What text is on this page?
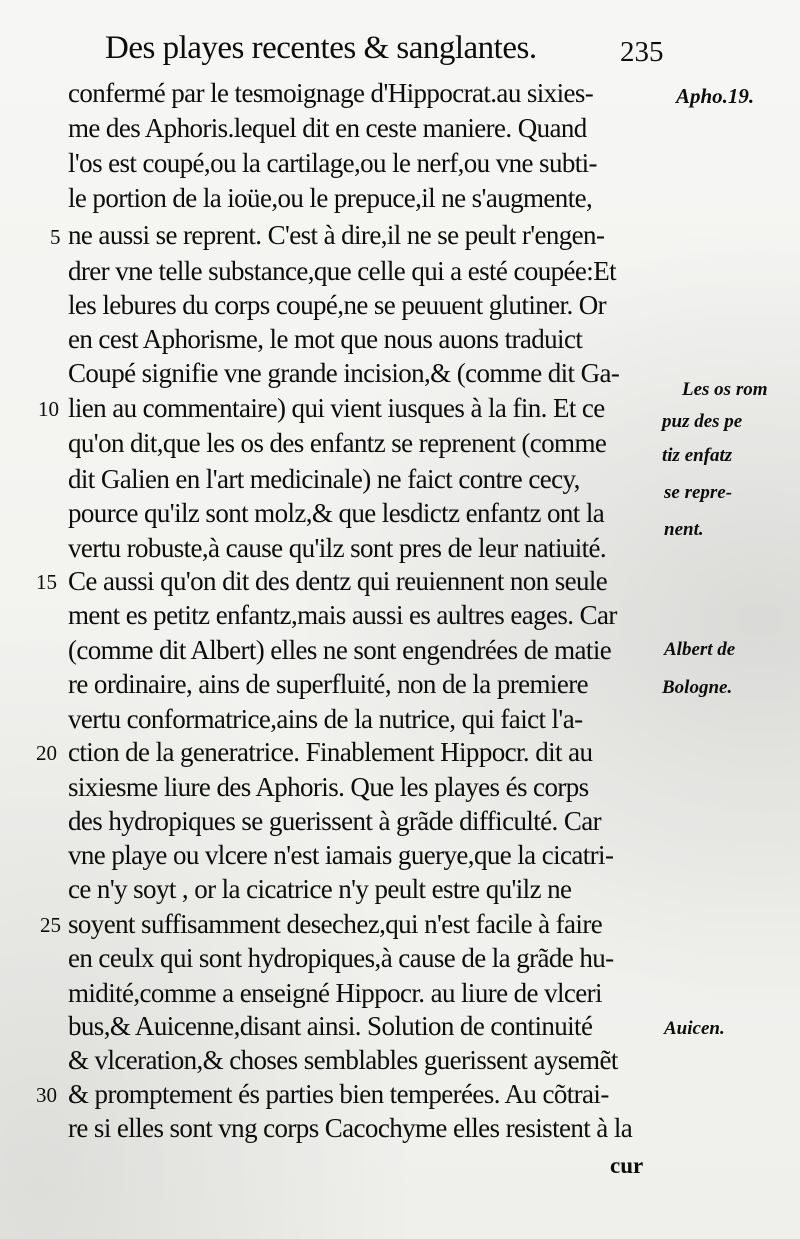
Des playes recentes & sanglantes.	235
confermé par le tesmoignage d'Hippocrat.au sixies-
me des Aphoris.lequel dit en ceste maniere. Quand
l'os est coupé,ou la cartilage,ou le nerf,ou vne subti-
le portion de la ioüe,ou le prepuce,il ne s'augmente,
ne aussi se reprent. C'est à dire,il ne se peult r'engen-
drer vne telle substance,que celle qui a esté coupée:Et
les lebures du corps coupé,ne se peuuent glutiner. Or
en cest Aphorisme, le mot que nous auons traduict
Coupé signifie vne grande incision,& (comme dit Ga-
lien au commentaire) qui vient iusques à la fin. Et ce
qu'on dit,que les os des enfantz se reprenent (comme
dit Galien en l'art medicinale) ne faict contre cecy,
pource qu'ilz sont molz,& que lesdictz enfantz ont la
vertu robuste,à cause qu'ilz sont pres de leur natiuité.
Ce aussi qu'on dit des dentz qui reuiennent non seule
ment es petitz enfantz,mais aussi es aultres eages. Car
(comme dit Albert) elles ne sont engendrées de matie
re ordinaire, ains de superfluité, non de la premiere
vertu conformatrice,ains de la nutrice, qui faict l'a-
ction de la generatrice. Finablement Hippocr. dit au
sixiesme liure des Aphoris. Que les playes és corps
des hydropiques se guerissent à grãde difficulté. Car
vne playe ou vlcere n'est iamais guerye,que la cicatri-
ce n'y soyt , or la cicatrice n'y peult estre qu'ilz ne
soyent suffisamment desechez,qui n'est facile à faire
en ceulx qui sont hydropiques,à cause de la grãde hu-
midité,comme a enseigné Hippocr. au liure de vlceri
bus,& Auicenne,disant ainsi. Solution de continuité
& vlceration,& choses semblables guerissent aysemẽt
& promptement és parties bien temperées. Au cõtrai-
re si elles sont vng corps Cacochyme elles resistent à la
5
10
15
20
25
30
Apho.19.
Les os rom
puz des pe
tiz enfatz
se repre-
nent.
Albert de
Bologne.
Auicen.
cur
